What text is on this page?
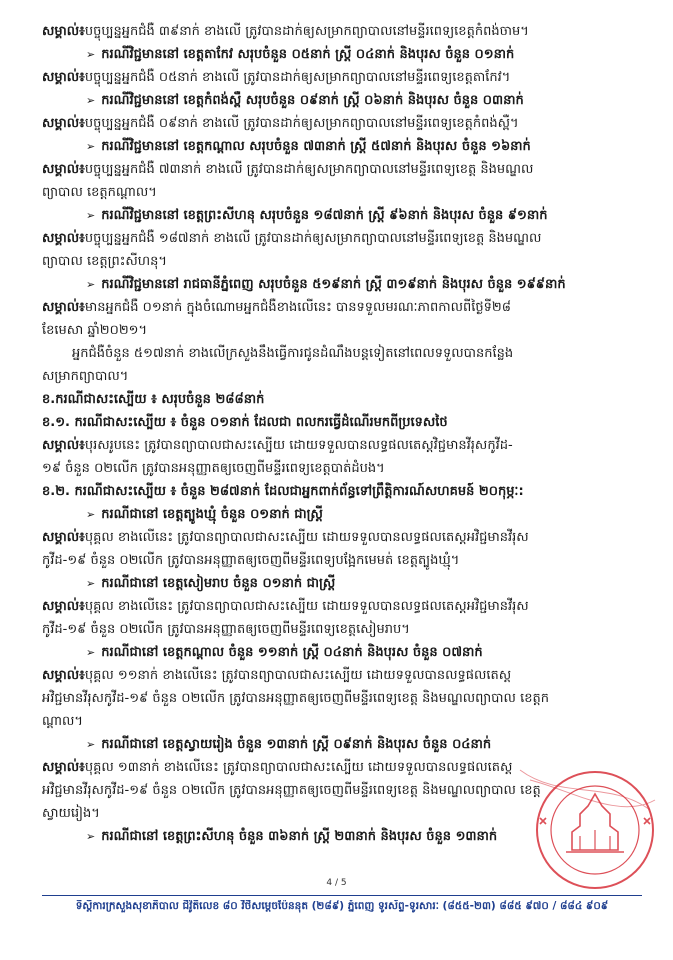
សម្គាល់៖បច្ចុប្បន្នអ្នកជំងឺ ៣៩នាក់ ខាងលើ ត្រូវបានដាក់ឲ្យសម្រាកព្យាបាលនៅមន្ទីរពេទ្យខេត្តកំពង់ចាម។
➢ ករណីវិជ្ជមាននៅ ខេត្តតាកែវ សរុបចំនួន ០៥នាក់ ស្ត្រី ០៤នាក់ និងបុរស ចំនួន ០១នាក់
សម្គាល់៖បច្ចុប្បន្នអ្នកជំងឺ ០៥នាក់ ខាងលើ ត្រូវបានដាក់ឲ្យសម្រាកព្យាបាលនៅមន្ទីរពេទ្យខេត្តតាកែវ។
➢ ករណីវិជ្ជមាននៅ ខេត្តកំពង់ស្ពឺ សរុបចំនួន ០៩នាក់ ស្ត្រី ០៦នាក់ និងបុរស ចំនួន ០៣នាក់
សម្គាល់៖បច្ចុប្បន្នអ្នកជំងឺ ០៩នាក់ ខាងលើ ត្រូវបានដាក់ឲ្យសម្រាកព្យាបាលនៅមន្ទីរពេទ្យខេត្តកំពង់ស្ពឺ។
➢ ករណីវិជ្ជមាននៅ ខេត្តកណ្ដាល សរុបចំនួន ៧៣នាក់ ស្ត្រី ៥៧នាក់ និងបុរស ចំនួន ១៦នាក់
សម្គាល់៖បច្ចុប្បន្នអ្នកជំងឺ ៧៣នាក់ ខាងលើ ត្រូវបានដាក់ឲ្យសម្រាកព្យាបាលនៅមន្ទីរពេទ្យខេត្ត និងមណ្ឌល
ព្យាបាល ខេត្តកណ្ដាល។
➢ ករណីវិជ្ជមាននៅ ខេត្តព្រះសីហនុ សរុបចំនួន ១៨៧នាក់ ស្ត្រី ៩៦នាក់ និងបុរស ចំនួន ៩១នាក់
សម្គាល់៖បច្ចុប្បន្នអ្នកជំងឺ ១៨៧នាក់ ខាងលើ ត្រូវបានដាក់ឲ្យសម្រាកព្យាបាលនៅមន្ទីរពេទ្យខេត្ត និងមណ្ឌល
ព្យាបាល ខេត្តព្រះសីហនុ។
➢ ករណីវិជ្ជមាននៅ រាជធានីភ្នំពេញ សរុបចំនួន ៥១៩នាក់ ស្ត្រី ៣១៩នាក់ និងបុរស ចំនួន ១៩៩នាក់
សម្គាល់៖មានអ្នកជំងឺ ០១នាក់ ក្នុងចំណោមអ្នកជំងឺខាងលើនេះ បានទទួលមរណៈភាពកាលពីថ្ងៃទី២៨
ខែមេសា ឆ្នាំ២០២១។
អ្នកជំងឺចំនួន ៥១៧នាក់ ខាងលើក្រសួងនឹងធ្វើការជូនដំណឹងបន្តទៀតនៅពេលទទួលបានកន្លែង
សម្រាកព្យាបាល។
ខ.ករណីជាសះស្បើយ ៖ សរុបចំនួន ២៨៨នាក់
ខ.១. ករណីជាសះស្បើយ ៖ ចំនួន ០១នាក់ ដែលជា ពលករធ្វើដំណើរមកពីប្រទេសថៃ
សម្គាល់៖បុរសរូបនេះ ត្រូវបានព្យាបាលជាសះស្បើយ ដោយទទួលបានលទ្ធផលតេស្តវិជ្ជមានវីរុសកូវីដ-
១៩ ចំនួន ០២លើក ត្រូវបានអនុញ្ញាតឲ្យចេញពីមន្ទីរពេទ្យខេត្តបាត់ដំបង។
ខ.២. ករណីជាសះស្បើយ ៖ ចំនួន ២៨៧នាក់ ដែលជាអ្នកពាក់ព័ន្ធទៅព្រឹត្តិការណ៍សហគមន៍ ២០កុម្ភៈ:
➢ ករណីជានៅ ខេត្តត្បូងឃ្មុំ ចំនួន ០១នាក់ ជាស្ត្រី
សម្គាល់៖បុគ្គល ខាងលើនេះ ត្រូវបានព្យាបាលជាសះស្បើយ ដោយទទួលបានលទ្ធផលតេស្តអវិជ្ជមានវីរុស
កូវីដ-១៩ ចំនួន ០២លើក ត្រូវបានអនុញ្ញាតឲ្យចេញពីមន្ទីរពេទ្យបង្អែកមេមត់ ខេត្តត្បូងឃ្មុំ។
➢ ករណីជានៅ ខេត្តសៀមរាប ចំនួន ០១នាក់ ជាស្ត្រី
សម្គាល់៖បុគ្គល ខាងលើនេះ ត្រូវបានព្យាបាលជាសះស្បើយ ដោយទទួលបានលទ្ធផលតេស្តអវិជ្ជមានវីរុស
កូវីដ-១៩ ចំនួន ០២លើក ត្រូវបានអនុញ្ញាតឲ្យចេញពីមន្ទីរពេទ្យខេត្តសៀមរាប។
➢ ករណីជានៅ ខេត្តកណ្ដាល ចំនួន ១១នាក់ ស្ត្រី ០៤នាក់ និងបុរស ចំនួន ០៧នាក់
សម្គាល់៖បុគ្គល ១១នាក់ ខាងលើនេះ ត្រូវបានព្យាបាលជាសះស្បើយ ដោយទទួលបានលទ្ធផលតេស្ត
អវិជ្ជមានវីរុសកូវីដ-១៩ ចំនួន ០២លើក ត្រូវបានអនុញ្ញាតឲ្យចេញពីមន្ទីរពេទ្យខេត្ត និងមណ្ឌលព្យាបាល ខេត្តក
ណ្ដាល។
➢ ករណីជានៅ ខេត្តស្វាយរៀង ចំនួន ១៣នាក់ ស្ត្រី ០៩នាក់ និងបុរស ចំនួន ០៤នាក់
សម្គាល់៖បុគ្គល ១៣នាក់ ខាងលើនេះ ត្រូវបានព្យាបាលជាសះស្បើយ ដោយទទួលបានលទ្ធផលតេស្ត
អវិជ្ជមានវីរុសកូវីដ-១៩ ចំនួន ០២លើក ត្រូវបានអនុញ្ញាតឲ្យចេញពីមន្ទីរពេទ្យខេត្ត និងមណ្ឌលព្យាបាល ខេត្ត
ស្វាយរៀង។
➢ ករណីជានៅ ខេត្តព្រះសីហនុ ចំនួន ៣៦នាក់ ស្ត្រី ២៣នាក់ និងបុរស ចំនួន ១៣នាក់
4 / 5
ទីស្តីការក្រសួងសុខាភិបាល ជីវ៉ូតិលេខ ៨០ វិថីសម្តេចប៉ែននុត (២៨៩) ភ្នំពេញ ទូរស័ព្ទ-ទូរសារៈ (៨៥៥-២៣) ៨៨៥ ៩៧០ / ៨៨៤ ៩០៩
